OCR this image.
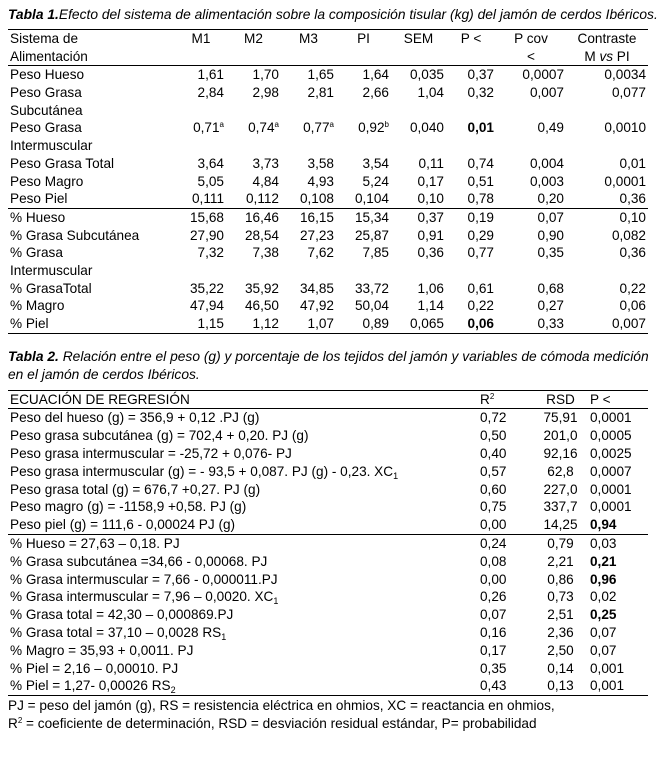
Tabla 1.Efecto del sistema de alimentación sobre la composición tisular (kg) del jamón de cerdos Ibéricos.
Sistema de	M1	M2	M3	PI	SEM	P <	P cov	Contraste
Alimentación							<	M vs PI
Peso Hueso	1,61	1,70	1,65	1,64	0,035	0,37	0,0007	0,0034
Peso Grasa	2,84	2,98	2,81	2,66	1,04	0,32	0,007	0,077
Subcutánea								
Peso Grasa	0,71$^a$	0,74$^a$	0,77$^a$	0,92$^b$	0,040	0,01	0,49	0,0010
Intermuscular								
Peso Grasa Total	3,64	3,73	3,58	3,54	0,11	0,74	0,004	0,01
Peso Magro	5,05	4,84	4,93	5,24	0,17	0,51	0,003	0,0001
Peso Piel	0,111	0,112	0,108	0,104	0,10	0,78	0,20	0,36
% Hueso	15,68	16,46	16,15	15,34	0,37	0,19	0,07	0,10
% Grasa Subcutánea	27,90	28,54	27,23	25,87	0,91	0,29	0,90	0,082
% Grasa	7,32	7,38	7,62	7,85	0,36	0,77	0,35	0,36
Intermuscular								
% GrasaTotal	35,22	35,92	34,85	33,72	1,06	0,61	0,68	0,22
% Magro	47,94	46,50	47,92	50,04	1,14	0,22	0,27	0,06
% Piel	1,15	1,12	1,07	0,89	0,065	0,06	0,33	0,007
Tabla 2. Relación entre el peso (g) y porcentaje de los tejidos del jamón y variables de cómoda medición en el jamón de cerdos Ibéricos.
ECUACIÓN DE REGRESIÓN	$R^2$	RSD	P <
Peso del hueso (g) = 356,9 + 0,12 .PJ (g)	0,72	75,91	0,0001
Peso grasa subcutánea (g) = 702,4 + 0,20. PJ (g)	0,50	201,0	0,0005
Peso grasa intermuscular = -25,72 + 0,076- PJ	0,40	92,16	0,0025
Peso grasa intermuscular (g) = - 93,5 + 0,087. PJ (g) - 0,23. $XC_1$	0,57	62,8	0,0007
Peso grasa total (g) = 676,7 +0,27. PJ (g)	0,60	227,0	0,0001
Peso magro (g) = -1158,9 +0,58. PJ (g)	0,75	337,7	0,0001
Peso piel (g) = 111,6 - 0,00024 PJ (g)	0,00	14,25	0,94
% Hueso = 27,63 – 0,18. PJ	0,24	0,79	0,03
% Grasa subcutánea =34,66 - 0,00068. PJ	0,08	2,21	0,21
% Grasa intermuscular = 7,66 - 0,000011.PJ	0,00	0,86	0,96
% Grasa intermuscular = 7,96 – 0,0020. $XC_1$	0,26	0,73	0,02
% Grasa total = 42,30 – 0,000869.PJ	0,07	2,51	0,25
% Grasa total = 37,10 – 0,0028 $RS_1$	0,16	2,36	0,07
% Magro = 35,93 + 0,0011. PJ	0,17	2,50	0,07
% Piel = 2,16 – 0,00010. PJ	0,35	0,14	0,001
% Piel = 1,27- 0,00026 $RS_2$	0,43	0,13	0,001
PJ = peso del jamón (g), RS = resistencia eléctrica en ohmios, XC = reactancia en ohmios,
$R^2$ = coeficiente de determinación, RSD = desviación residual estándar, P= probabilidad
